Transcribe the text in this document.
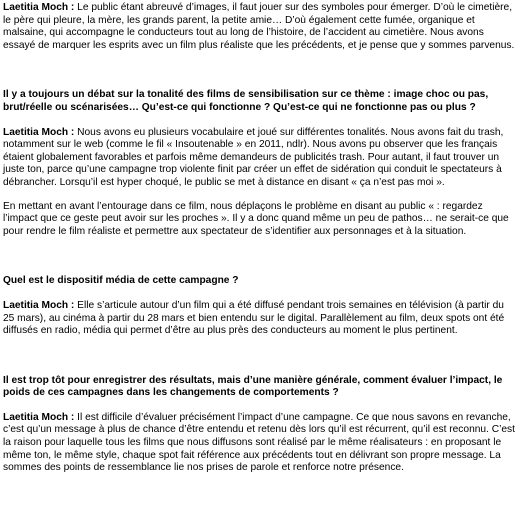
Laetitia Moch : Le public étant abreuvé d’images, il faut jouer sur des symboles pour émerger. D’où le cimetière, le père qui pleure, la mère, les grands parent, la petite amie… D’où également cette fumée, organique et malsaine, qui accompagne le conducteurs tout au long de l’histoire, de l’accident au cimetière. Nous avons essayé de marquer les esprits avec un film plus réaliste que les précédents, et je pense que y sommes parvenus.

Il y a toujours un débat sur la tonalité des films de sensibilisation sur ce thème : image choc ou pas, brut/réelle ou scénarisées… Qu’est-ce qui fonctionne ? Qu’est-ce qui ne fonctionne pas ou plus ?

Laetitia Moch : Nous avons eu plusieurs vocabulaire et joué sur différentes tonalités. Nous avons fait du trash, notamment sur le web (comme le fil « Insoutenable » en 2011, ndlr). Nous avons pu observer que les français étaient globalement favorables et parfois même demandeurs de publicités trash. Pour autant, il faut trouver un juste ton, parce qu’une campagne trop violente finit par créer un effet de sidération qui conduit le spectateurs à débrancher. Lorsqu’il est hyper choqué, le public se met à distance en disant « ça n’est pas moi ».

En mettant en avant l’entourage dans ce film, nous déplaçons le problème en disant au public « : regardez l’impact que ce geste peut avoir sur les proches ». Il y a donc quand même un peu de pathos… ne serait-ce que pour rendre le film réaliste et permettre aux spectateur de s’identifier aux personnages et à la situation.

Quel est le dispositif média de cette campagne ?

Laetitia Moch : Elle s’articule autour d’un film qui a été diffusé pendant trois semaines en télévision (à partir du 25 mars), au cinéma à partir du 28 mars et bien entendu sur le digital. Parallèlement au film, deux spots ont été diffusés en radio, média qui permet d’être au plus près des conducteurs au moment le plus pertinent.

Il est trop tôt pour enregistrer des résultats, mais d’une manière générale, comment évaluer l’impact, le poids de ces campagnes dans les changements de comportements ?

Laetitia Moch : Il est difficile d’évaluer précisément l’impact d’une campagne. Ce que nous savons en revanche, c’est qu’un message à plus de chance d’être entendu et retenu dès lors qu’il est récurrent, qu’il est reconnu. C’est la raison pour laquelle tous les films que nous diffusons sont réalisé par le même réalisateurs : en proposant le même ton, le même style, chaque spot fait référence aux précédents tout en délivrant son propre message. La sommes des points de ressemblance lie nos prises de parole et renforce notre présence.
